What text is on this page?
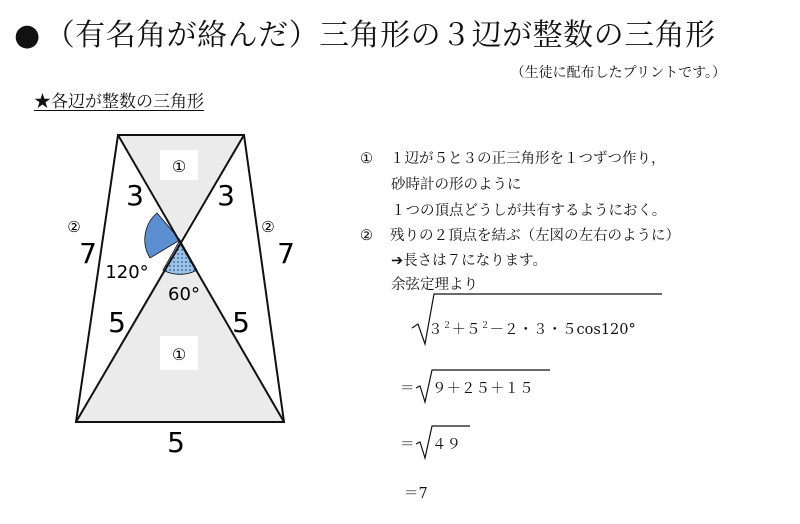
● （有名角が絡んだ）三角形の３辺が整数の三角形
（生徒に配布したプリントです。）
★各辺が整数の三角形
①
①
3	3
②
7
②
7
120°
60°
5	5
5
① １辺が５と３の正三角形を１つずつ作り，
砂時計の形のように
１つの頂点どうしが共有するようにおく。
② 残りの２頂点を結ぶ（左図の左右のように）
➔長さは７になります。
余弦定理より
$3^2+5^2-2$・３・５cos120°
＝ ９＋２５＋１５
＝ ４９
＝7
